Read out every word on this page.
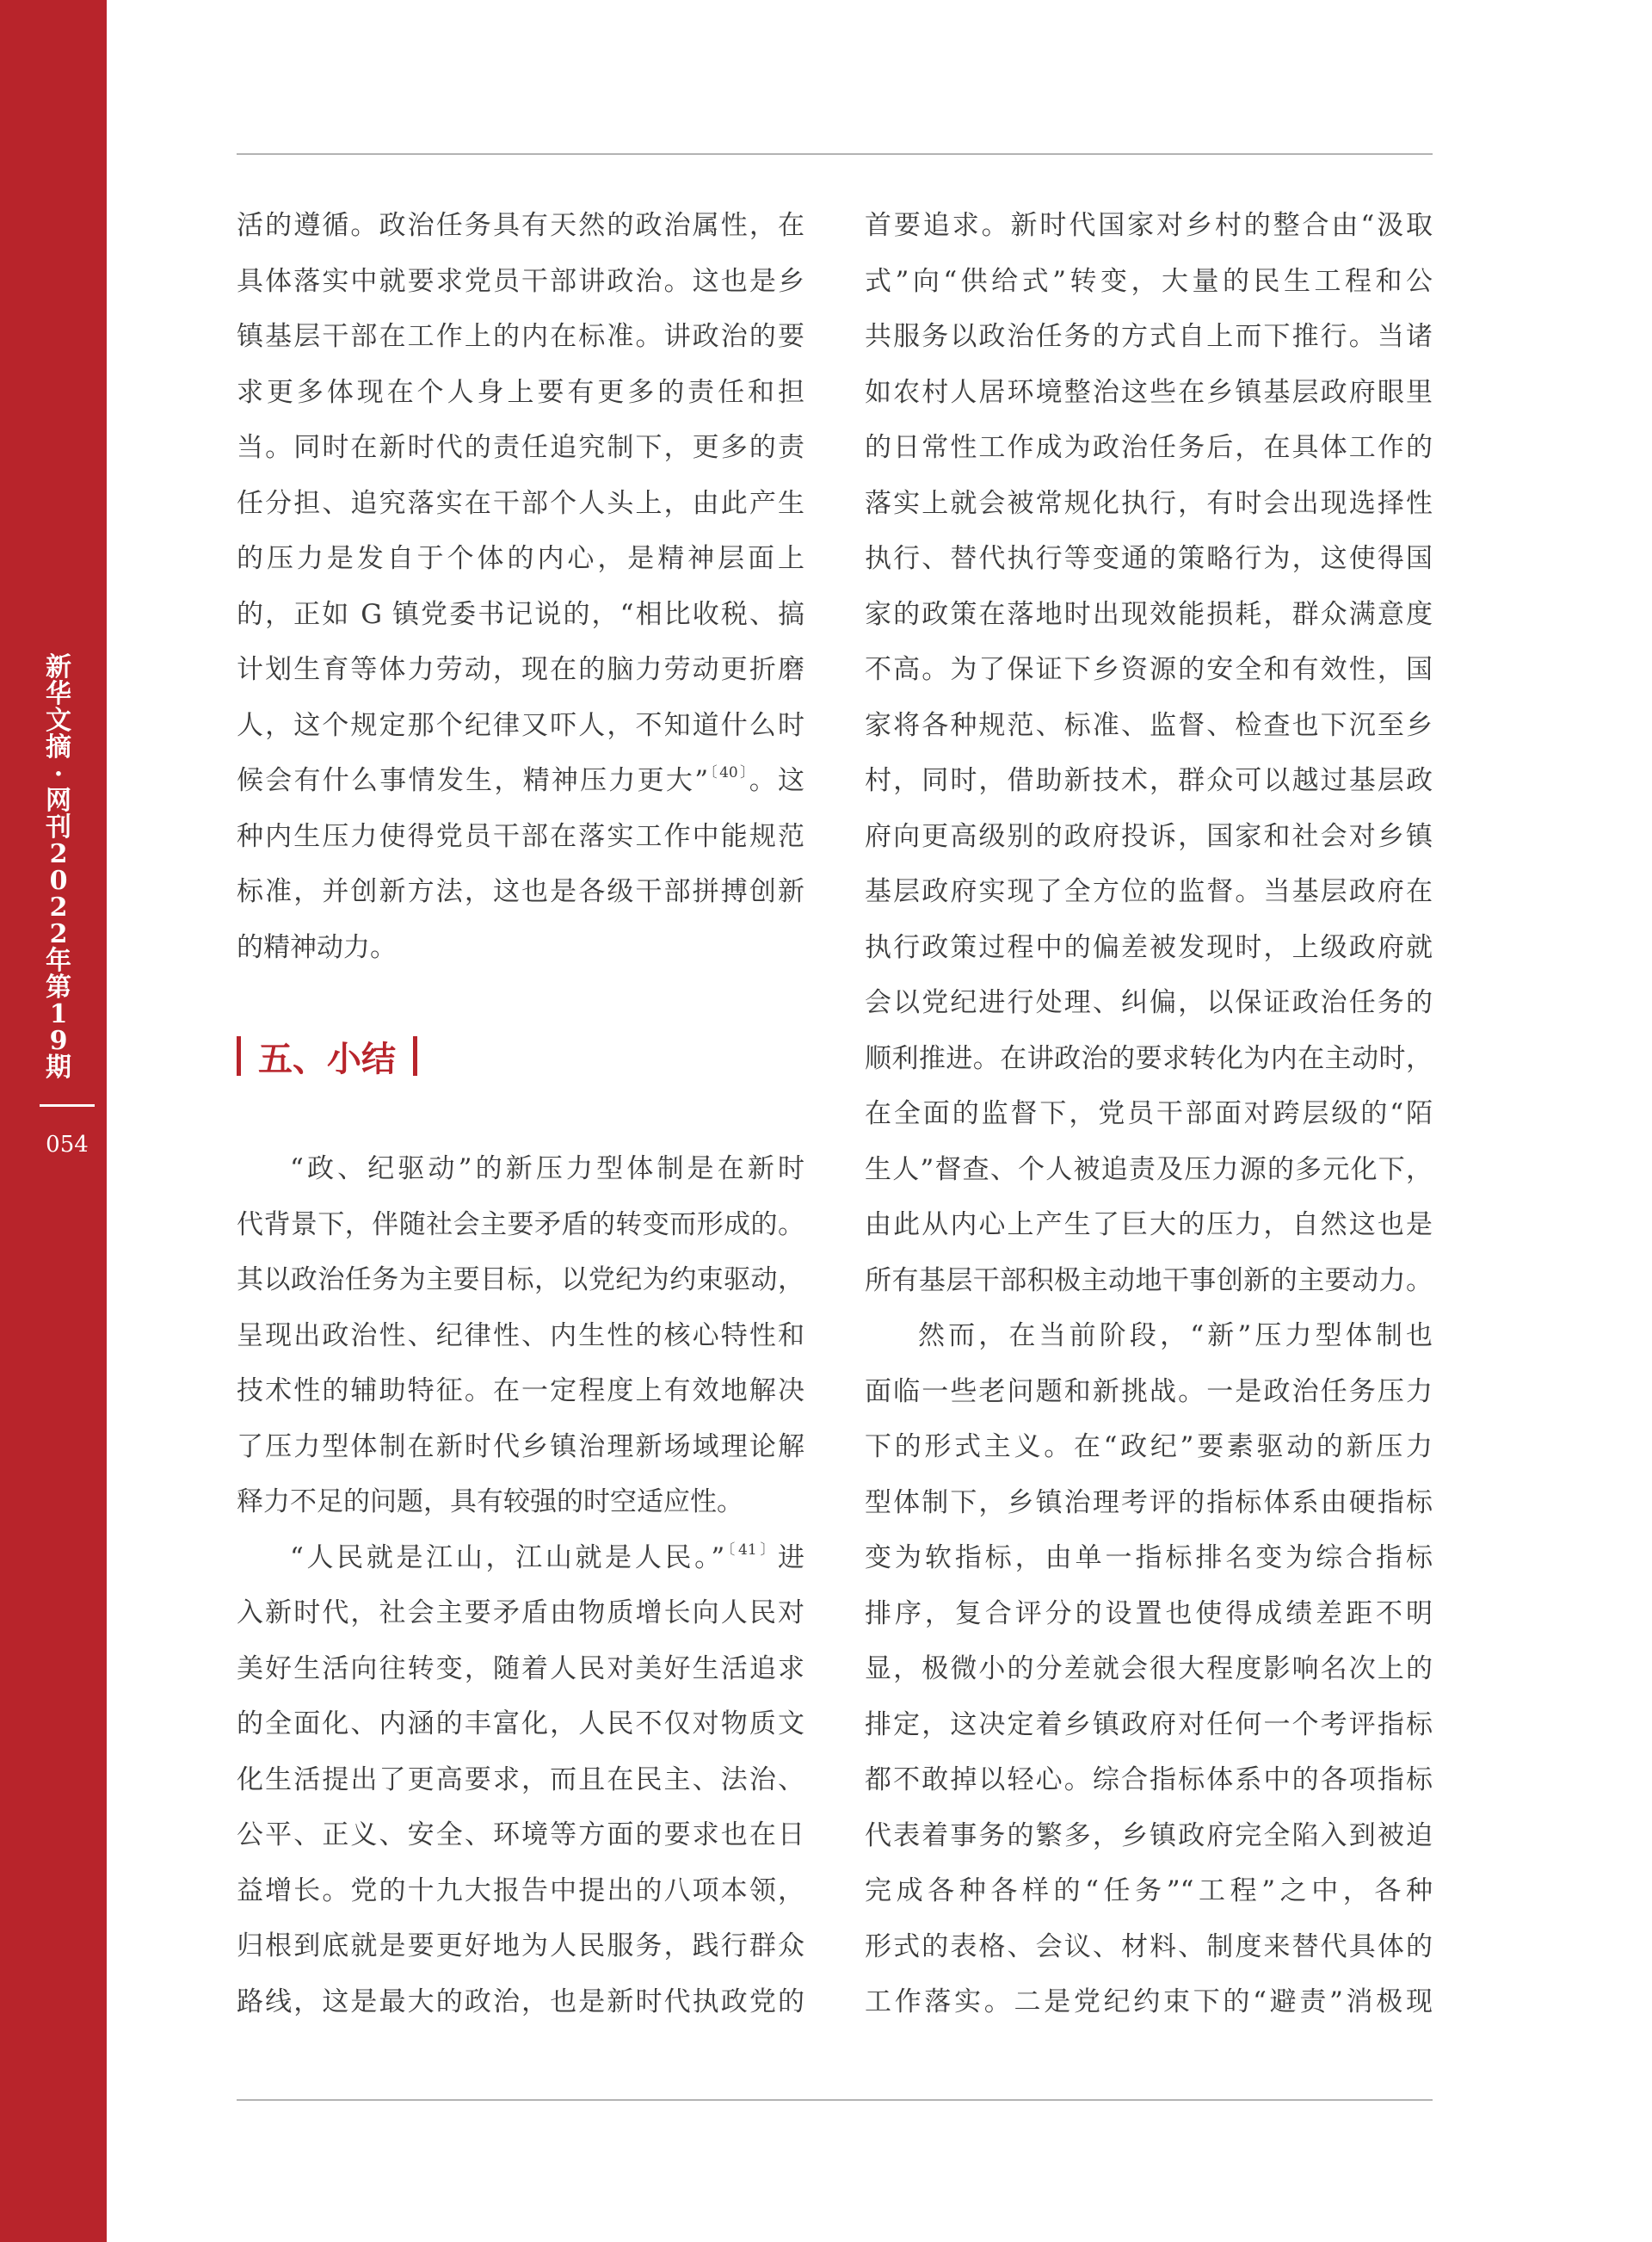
新华文摘·网刊2022年第19期
054

活的遵循。政治任务具有天然的政治属性，在
具体落实中就要求党员干部讲政治。这也是乡
镇基层干部在工作上的内在标准。讲政治的要
求更多体现在个人身上要有更多的责任和担
当。同时在新时代的责任追究制下，更多的责
任分担、追究落实在干部个人头上，由此产生
的压力是发自于个体的内心，是精神层面上
的，正如 G 镇党委书记说的，“相比收税、搞
计划生育等体力劳动，现在的脑力劳动更折磨
人，这个规定那个纪律又吓人，不知道什么时
候会有什么事情发生，精神压力更大”$^{〔40〕}$。这
种内生压力使得党员干部在落实工作中能规范
标准，并创新方法，这也是各级干部拼搏创新
的精神动力。

五、小结

“政、纪驱动”的新压力型体制是在新时
代背景下，伴随社会主要矛盾的转变而形成的。
其以政治任务为主要目标，以党纪为约束驱动，
呈现出政治性、纪律性、内生性的核心特性和
技术性的辅助特征。在一定程度上有效地解决
了压力型体制在新时代乡镇治理新场域理论解
释力不足的问题，具有较强的时空适应性。

“人民就是江山，江山就是人民。”$^{〔41〕}$进
入新时代，社会主要矛盾由物质增长向人民对
美好生活向往转变，随着人民对美好生活追求
的全面化、内涵的丰富化，人民不仅对物质文
化生活提出了更高要求，而且在民主、法治、
公平、正义、安全、环境等方面的要求也在日
益增长。党的十九大报告中提出的八项本领，
归根到底就是要更好地为人民服务，践行群众
路线，这是最大的政治，也是新时代执政党的

首要追求。新时代国家对乡村的整合由“汲取
式”向“供给式”转变，大量的民生工程和公
共服务以政治任务的方式自上而下推行。当诸
如农村人居环境整治这些在乡镇基层政府眼里
的日常性工作成为政治任务后，在具体工作的
落实上就会被常规化执行，有时会出现选择性
执行、替代执行等变通的策略行为，这使得国
家的政策在落地时出现效能损耗，群众满意度
不高。为了保证下乡资源的安全和有效性，国
家将各种规范、标准、监督、检查也下沉至乡
村，同时，借助新技术，群众可以越过基层政
府向更高级别的政府投诉，国家和社会对乡镇
基层政府实现了全方位的监督。当基层政府在
执行政策过程中的偏差被发现时，上级政府就
会以党纪进行处理、纠偏，以保证政治任务的
顺利推进。在讲政治的要求转化为内在主动时，
在全面的监督下，党员干部面对跨层级的“陌
生人”督查、个人被追责及压力源的多元化下，
由此从内心上产生了巨大的压力，自然这也是
所有基层干部积极主动地干事创新的主要动力。

然而，在当前阶段，“新”压力型体制也
面临一些老问题和新挑战。一是政治任务压力
下的形式主义。在“政纪”要素驱动的新压力
型体制下，乡镇治理考评的指标体系由硬指标
变为软指标，由单一指标排名变为综合指标
排序，复合评分的设置也使得成绩差距不明
显，极微小的分差就会很大程度影响名次上的
排定，这决定着乡镇政府对任何一个考评指标
都不敢掉以轻心。综合指标体系中的各项指标
代表着事务的繁多，乡镇政府完全陷入到被迫
完成各种各样的“任务”“工程”之中，各种
形式的表格、会议、材料、制度来替代具体的
工作落实。二是党纪约束下的“避责”消极现
